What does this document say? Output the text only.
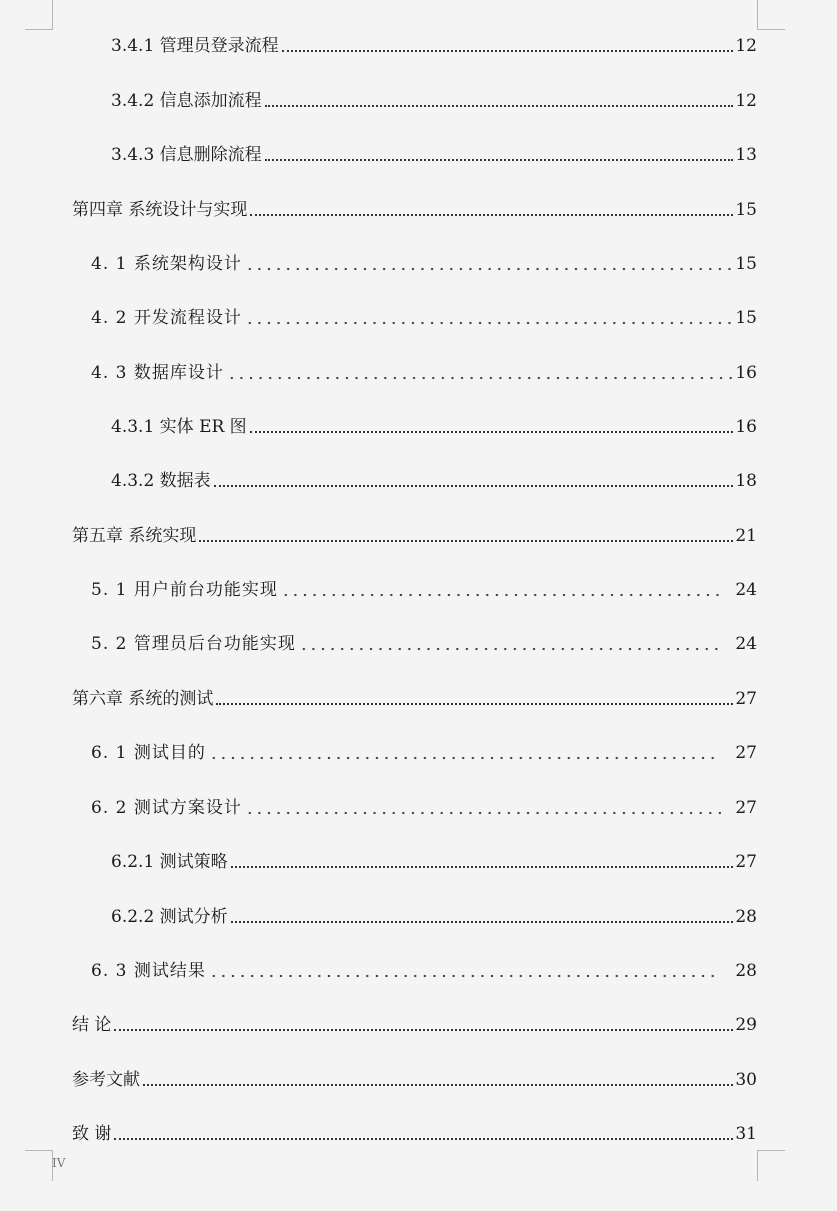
3.4.1 管理员登录流程	12
3.4.2 信息添加流程	12
3.4.3 信息删除流程	13
第四章 系统设计与实现	15
4. 1 系统架构设计	15
4. 2 开发流程设计	15
4. 3 数据库设计	16
4.3.1 实体 ER 图	16
4.3.2 数据表	18
第五章 系统实现	21
5. 1 用户前台功能实现	24
5. 2 管理员后台功能实现	24
第六章 系统的测试	27
6. 1 测试目的	27
6. 2 测试方案设计	27
6.2.1 测试策略	27
6.2.2 测试分析	28
6. 3 测试结果	28
结 论	29
参考文献	30
致 谢	31
IV
